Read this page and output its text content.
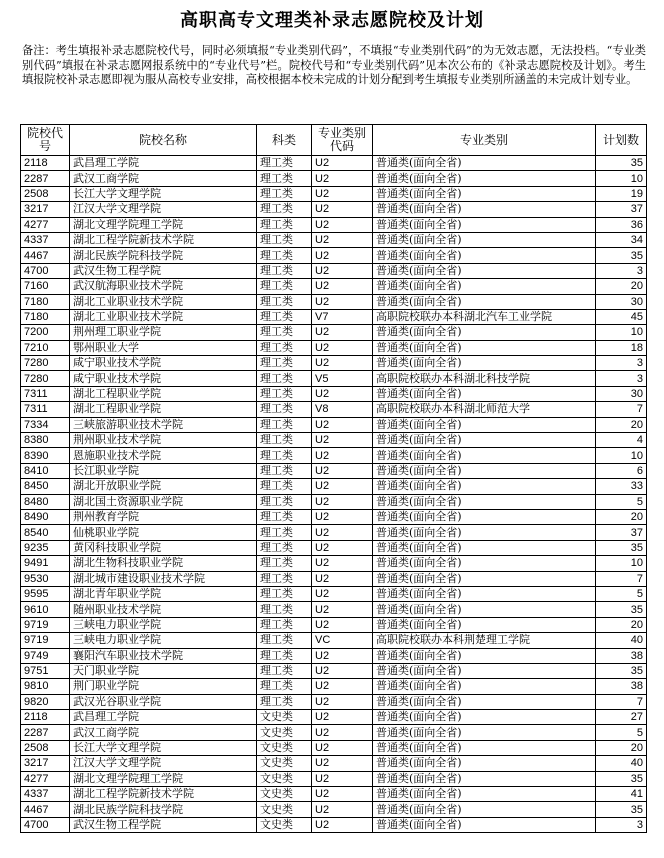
高职高专文理类补录志愿院校及计划
备注：考生填报补录志愿院校代号，同时必须填报“专业类别代码”，不填报“专业类别代码”的为无效志愿，无法投档。“专业类别代码”填报在补录志愿网报系统中的“专业代号”栏。院校代号和“专业类别代码”见本次公布的《补录志愿院校及计划》。考生填报院校补录志愿即视为服从高校专业安排，高校根据本校未完成的计划分配到考生填报专业类别所涵盖的未完成计划专业。
院校代号	院校名称	科类	专业类别代码	专业类别	计划数
2118	武昌理工学院	理工类	U2	普通类(面向全省)	35
2287	武汉工商学院	理工类	U2	普通类(面向全省)	10
2508	长江大学文理学院	理工类	U2	普通类(面向全省)	19
3217	江汉大学文理学院	理工类	U2	普通类(面向全省)	37
4277	湖北文理学院理工学院	理工类	U2	普通类(面向全省)	36
4337	湖北工程学院新技术学院	理工类	U2	普通类(面向全省)	34
4467	湖北民族学院科技学院	理工类	U2	普通类(面向全省)	35
4700	武汉生物工程学院	理工类	U2	普通类(面向全省)	3
7160	武汉航海职业技术学院	理工类	U2	普通类(面向全省)	20
7180	湖北工业职业技术学院	理工类	U2	普通类(面向全省)	30
7180	湖北工业职业技术学院	理工类	V7	高职院校联办本科湖北汽车工业学院	45
7200	荆州理工职业学院	理工类	U2	普通类(面向全省)	10
7210	鄂州职业大学	理工类	U2	普通类(面向全省)	18
7280	咸宁职业技术学院	理工类	U2	普通类(面向全省)	3
7280	咸宁职业技术学院	理工类	V5	高职院校联办本科湖北科技学院	3
7311	湖北工程职业学院	理工类	U2	普通类(面向全省)	30
7311	湖北工程职业学院	理工类	V8	高职院校联办本科湖北师范大学	7
7334	三峡旅游职业技术学院	理工类	U2	普通类(面向全省)	20
8380	荆州职业技术学院	理工类	U2	普通类(面向全省)	4
8390	恩施职业技术学院	理工类	U2	普通类(面向全省)	10
8410	长江职业学院	理工类	U2	普通类(面向全省)	6
8450	湖北开放职业学院	理工类	U2	普通类(面向全省)	33
8480	湖北国土资源职业学院	理工类	U2	普通类(面向全省)	5
8490	荆州教育学院	理工类	U2	普通类(面向全省)	20
8540	仙桃职业学院	理工类	U2	普通类(面向全省)	37
9235	黄冈科技职业学院	理工类	U2	普通类(面向全省)	35
9491	湖北生物科技职业学院	理工类	U2	普通类(面向全省)	10
9530	湖北城市建设职业技术学院	理工类	U2	普通类(面向全省)	7
9595	湖北青年职业学院	理工类	U2	普通类(面向全省)	5
9610	随州职业技术学院	理工类	U2	普通类(面向全省)	35
9719	三峡电力职业学院	理工类	U2	普通类(面向全省)	20
9719	三峡电力职业学院	理工类	VC	高职院校联办本科荆楚理工学院	40
9749	襄阳汽车职业技术学院	理工类	U2	普通类(面向全省)	38
9751	天门职业学院	理工类	U2	普通类(面向全省)	35
9810	荆门职业学院	理工类	U2	普通类(面向全省)	38
9820	武汉光谷职业学院	理工类	U2	普通类(面向全省)	7
2118	武昌理工学院	文史类	U2	普通类(面向全省)	27
2287	武汉工商学院	文史类	U2	普通类(面向全省)	5
2508	长江大学文理学院	文史类	U2	普通类(面向全省)	20
3217	江汉大学文理学院	文史类	U2	普通类(面向全省)	40
4277	湖北文理学院理工学院	文史类	U2	普通类(面向全省)	35
4337	湖北工程学院新技术学院	文史类	U2	普通类(面向全省)	41
4467	湖北民族学院科技学院	文史类	U2	普通类(面向全省)	35
4700	武汉生物工程学院	文史类	U2	普通类(面向全省)	3
